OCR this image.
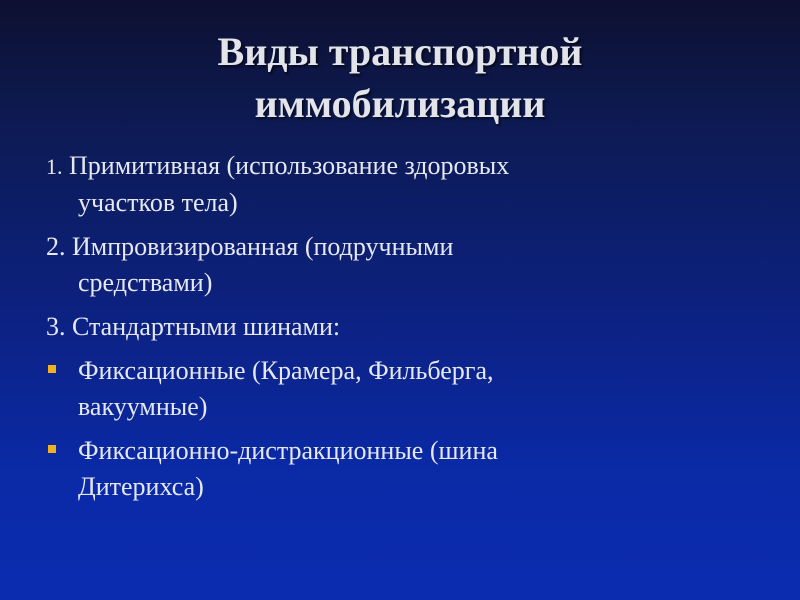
Виды транспортной
иммобилизации
1. Примитивная (использование здоровых
участков тела)
2. Импровизированная (подручными
средствами)
3. Стандартными шинами:
Фиксационные (Крамера, Фильберга,
вакуумные)
Фиксационно-дистракционные (шина
Дитерихса)
